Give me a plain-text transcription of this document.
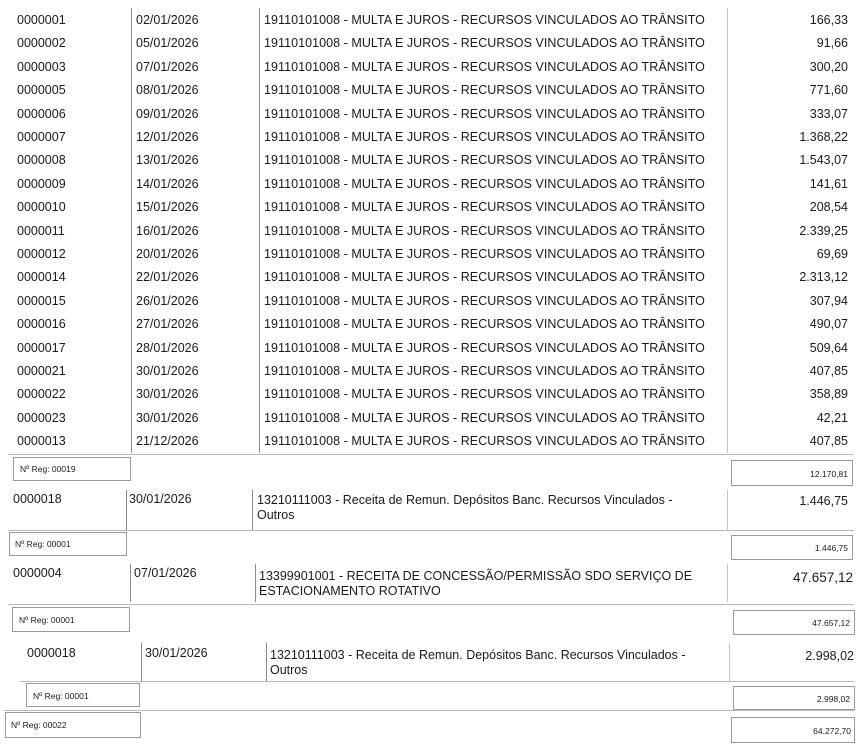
0000001	02/01/2026	19110101008 - MULTA E JUROS - RECURSOS VINCULADOS AO TRÂNSITO	166,33
0000002	05/01/2026	19110101008 - MULTA E JUROS - RECURSOS VINCULADOS AO TRÂNSITO	91,66
0000003	07/01/2026	19110101008 - MULTA E JUROS - RECURSOS VINCULADOS AO TRÂNSITO	300,20
0000005	08/01/2026	19110101008 - MULTA E JUROS - RECURSOS VINCULADOS AO TRÂNSITO	771,60
0000006	09/01/2026	19110101008 - MULTA E JUROS - RECURSOS VINCULADOS AO TRÂNSITO	333,07
0000007	12/01/2026	19110101008 - MULTA E JUROS - RECURSOS VINCULADOS AO TRÂNSITO	1.368,22
0000008	13/01/2026	19110101008 - MULTA E JUROS - RECURSOS VINCULADOS AO TRÂNSITO	1.543,07
0000009	14/01/2026	19110101008 - MULTA E JUROS - RECURSOS VINCULADOS AO TRÂNSITO	141,61
0000010	15/01/2026	19110101008 - MULTA E JUROS - RECURSOS VINCULADOS AO TRÂNSITO	208,54
0000011	16/01/2026	19110101008 - MULTA E JUROS - RECURSOS VINCULADOS AO TRÂNSITO	2.339,25
0000012	20/01/2026	19110101008 - MULTA E JUROS - RECURSOS VINCULADOS AO TRÂNSITO	69,69
0000014	22/01/2026	19110101008 - MULTA E JUROS - RECURSOS VINCULADOS AO TRÂNSITO	2.313,12
0000015	26/01/2026	19110101008 - MULTA E JUROS - RECURSOS VINCULADOS AO TRÂNSITO	307,94
0000016	27/01/2026	19110101008 - MULTA E JUROS - RECURSOS VINCULADOS AO TRÂNSITO	490,07
0000017	28/01/2026	19110101008 - MULTA E JUROS - RECURSOS VINCULADOS AO TRÂNSITO	509,64
0000021	30/01/2026	19110101008 - MULTA E JUROS - RECURSOS VINCULADOS AO TRÂNSITO	407,85
0000022	30/01/2026	19110101008 - MULTA E JUROS - RECURSOS VINCULADOS AO TRÂNSITO	358,89
0000023	30/01/2026	19110101008 - MULTA E JUROS - RECURSOS VINCULADOS AO TRÂNSITO	42,21
0000013	21/12/2026	19110101008 - MULTA E JUROS - RECURSOS VINCULADOS AO TRÂNSITO	407,85
Nº Reg: 00019	12.170,81
0000018	30/01/2026	13210111003 - Receita de Remun. Depósitos Banc. Recursos Vinculados - Outros
1.446,75
Nº Reg: 00001	1.446,75
0000004	07/01/2026	13399901001 - RECEITA DE CONCESSÃO/PERMISSÃO SDO SERVIÇO DE ESTACIONAMENTO ROTATIVO
47.657,12
Nº Reg: 00001	47.657,12
0000018	30/01/2026	13210111003 - Receita de Remun. Depósitos Banc. Recursos Vinculados - Outros
2.998,02
Nº Reg: 00001	2.998,02
Nº Reg: 00022
64.272,70
